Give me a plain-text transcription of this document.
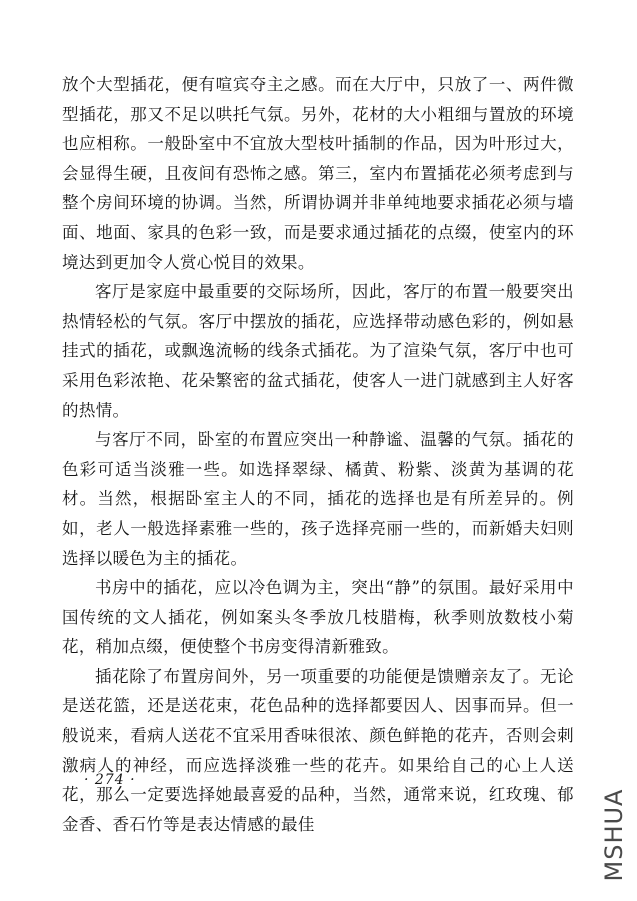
放个大型插花，便有喧宾夺主之感。而在大厅中，只放了一、两件微型插花，那又不足以哄托气氛。另外，花材的大小粗细与置放的环境也应相称。一般卧室中不宜放大型枝叶插制的作品，因为叶形过大，会显得生硬，且夜间有恐怖之感。第三，室内布置插花必须考虑到与整个房间环境的协调。当然，所谓协调并非单纯地要求插花必须与墙面、地面、家具的色彩一致，而是要求通过插花的点缀，使室内的环境达到更加令人赏心悦目的效果。

客厅是家庭中最重要的交际场所，因此，客厅的布置一般要突出热情轻松的气氛。客厅中摆放的插花，应选择带动感色彩的，例如悬挂式的插花，或飘逸流畅的线条式插花。为了渲染气氛，客厅中也可采用色彩浓艳、花朵繁密的盆式插花，使客人一进门就感到主人好客的热情。

与客厅不同，卧室的布置应突出一种静谧、温馨的气氛。插花的色彩可适当淡雅一些。如选择翠绿、橘黄、粉紫、淡黄为基调的花材。当然，根据卧室主人的不同，插花的选择也是有所差异的。例如，老人一般选择素雅一些的，孩子选择亮丽一些的，而新婚夫妇则选择以暖色为主的插花。

书房中的插花，应以冷色调为主，突出“静”的氛围。最好采用中国传统的文人插花，例如案头冬季放几枝腊梅，秋季则放数枝小菊花，稍加点缀，便使整个书房变得清新雅致。

插花除了布置房间外，另一项重要的功能便是馈赠亲友了。无论是送花篮，还是送花束，花色品种的选择都要因人、因事而异。但一般说来，看病人送花不宜采用香味很浓、颜色鲜艳的花卉，否则会刺激病人的神经，而应选择淡雅一些的花卉。如果给自己的心上人送花，那么一定要选择她最喜爱的品种，当然，通常来说，红玫瑰、郁金香、香石竹等是表达情感的最佳

· 274 ·
MSHUA
